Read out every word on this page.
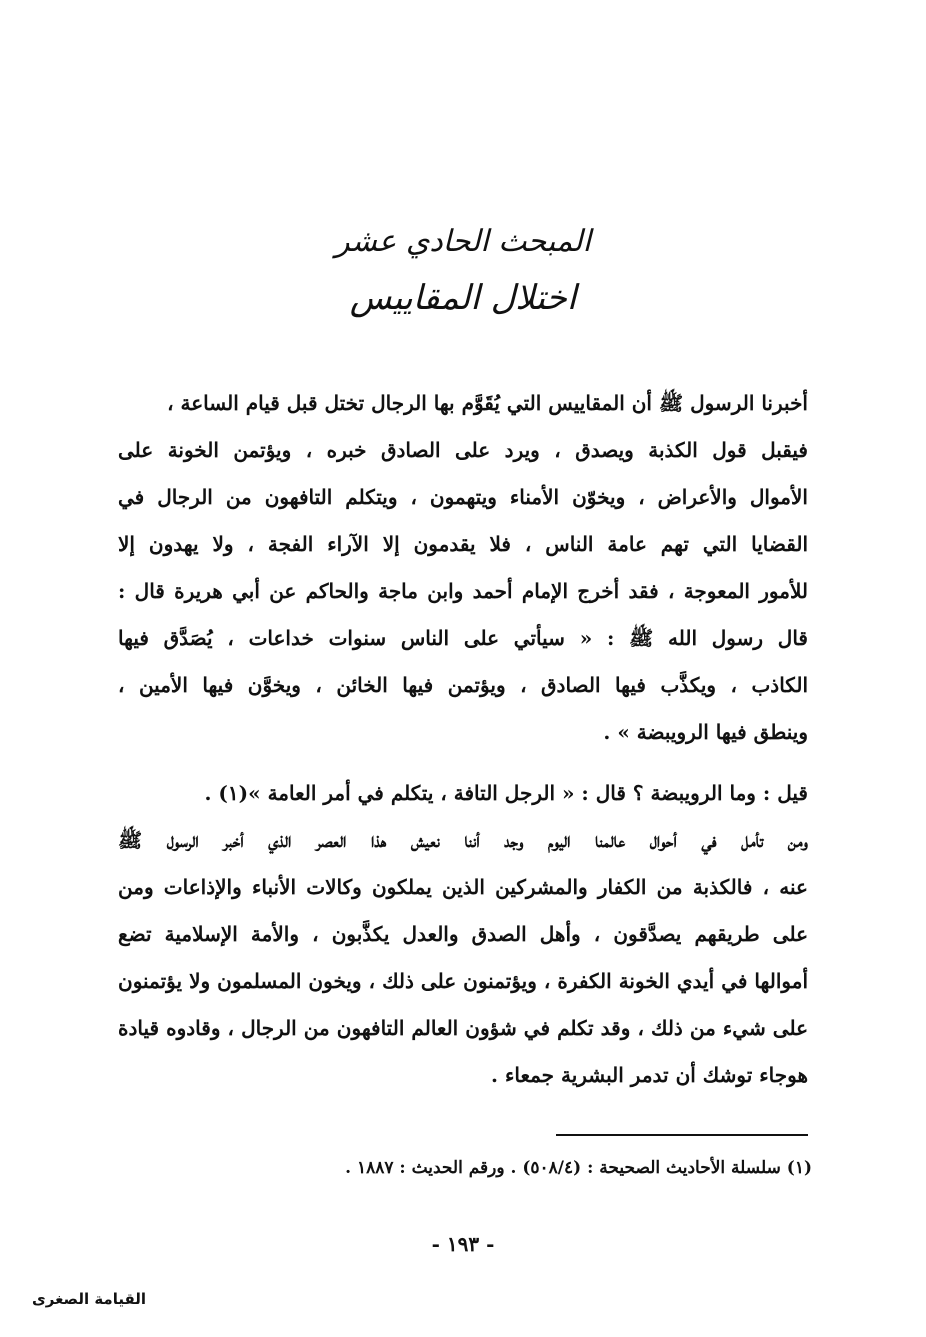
المبحث الحادي عشر
اختلال المقاييس
أخبرنا الرسول ﷺ أن المقاييس التي يُقَوَّم بها الرجال تختل قبل قيام الساعة ،
فيقبل قول الكذبة ويصدق ، ويرد على الصادق خبره ، ويؤتمن الخونة على
الأموال والأعراض ، ويخوّن الأمناء ويتهمون ، ويتكلم التافهون من الرجال في
القضايا التي تهم عامة الناس ، فلا يقدمون إلا الآراء الفجة ، ولا يهدون إلا
للأمور المعوجة ، فقد أخرج الإمام أحمد وابن ماجة والحاكم عن أبي هريرة قال :
قال رسول الله ﷺ : « سيأتي على الناس سنوات خداعات ، يُصَدَّق فيها
الكاذب ، ويكذَّب فيها الصادق ، ويؤتمن فيها الخائن ، ويخوَّن فيها الأمين ،
وينطق فيها الرويبضة » .
قيل : وما الرويبضة ؟ قال : « الرجل التافة ، يتكلم في أمر العامة »(١) .
ومن تأمل في أحوال عالمنا اليوم وجد أننا نعيش هذا العصر الذي أخبر الرسول ﷺ
عنه ، فالكذبة من الكفار والمشركين الذين يملكون وكالات الأنباء والإذاعات ومن
على طريقهم يصدَّقون ، وأهل الصدق والعدل يكذَّبون ، والأمة الإسلامية تضع
أموالها في أيدي الخونة الكفرة ، ويؤتمنون على ذلك ، ويخون المسلمون ولا يؤتمنون
على شيء من ذلك ، وقد تكلم في شؤون العالم التافهون من الرجال ، وقادوه قيادة
هوجاء توشك أن تدمر البشرية جمعاء .
(١) سلسلة الأحاديث الصحيحة : (٥٠٨/٤) . ورقم الحديث : ١٨٨٧ .
- ١٩٣ -
القيامة الصغرى
